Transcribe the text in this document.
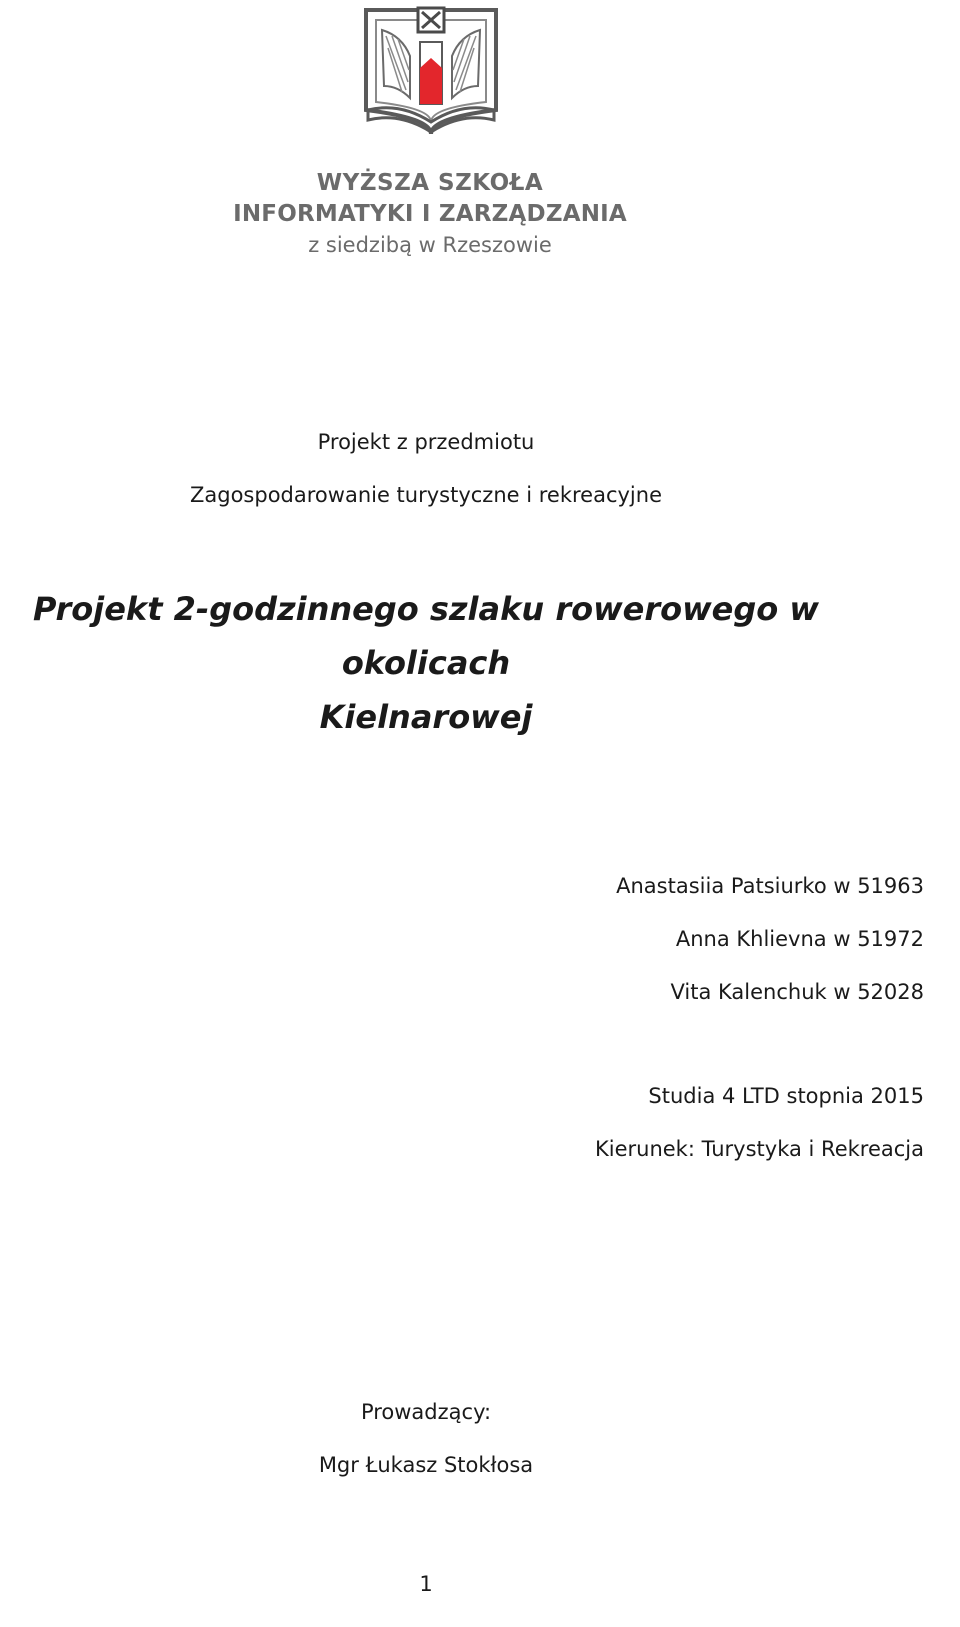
WYŻSZA SZKOŁA
INFORMATYKI I ZARZĄDZANIA
z siedzibą w Rzeszowie
Projekt z przedmiotu
Zagospodarowanie turystyczne i rekreacyjne
Projekt 2-godzinnego szlaku rowerowego w okolicach
Kielnarowej
Anastasiia Patsiurko w 51963
Anna Khlievna w 51972
Vita Kalenchuk w 52028
Studia 4 LTD stopnia 2015
Kierunek: Turystyka i Rekreacja
Prowadzący:
Mgr Łukasz Stokłosa
1
